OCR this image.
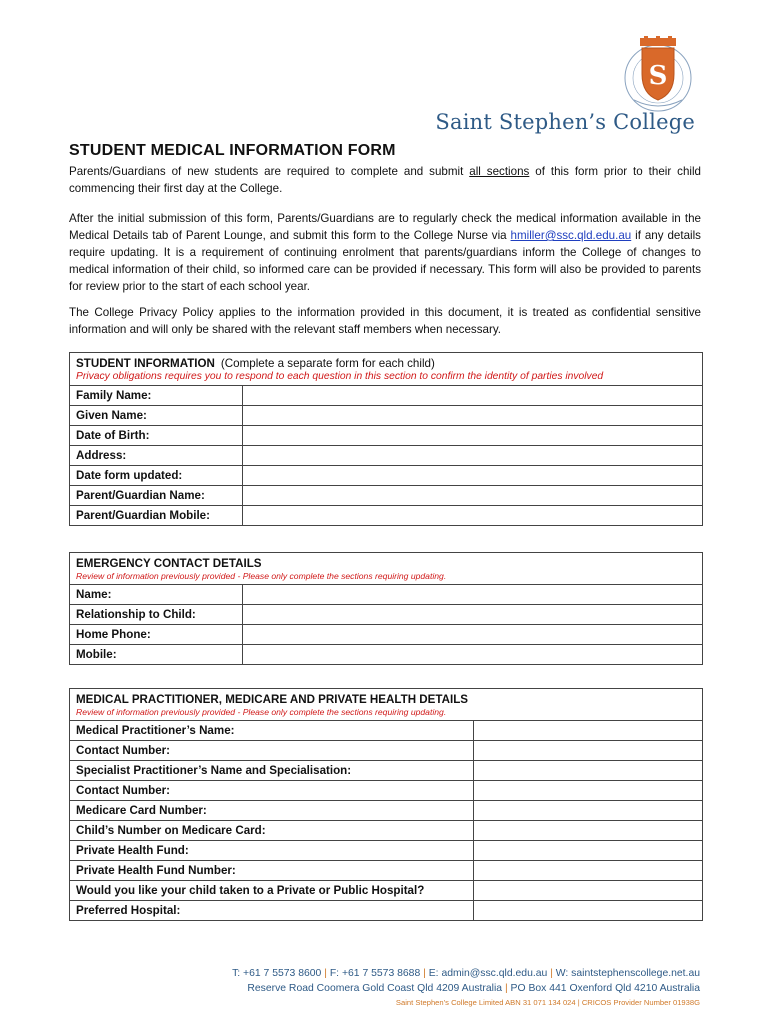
S
Saint Stephen’s College
STUDENT MEDICAL INFORMATION FORM
Parents/Guardians of new students are required to complete and submit all sections of this form prior to their child commencing their first day at the College.
After the initial submission of this form, Parents/Guardians are to regularly check the medical information available in the Medical Details tab of Parent Lounge, and submit this form to the College Nurse via hmiller@ssc.qld.edu.au if any details require updating. It is a requirement of continuing enrolment that parents/guardians inform the College of changes to medical information of their child, so informed care can be provided if necessary. This form will also be provided to parents for review prior to the start of each school year.
The College Privacy Policy applies to the information provided in this document, it is treated as confidential sensitive information and will only be shared with the relevant staff members when necessary.
STUDENT INFORMATION (Complete a separate form for each child)
Privacy obligations requires you to respond to each question in this section to confirm the identity of parties involved
Family Name:
Given Name:
Date of Birth:
Address:
Date form updated:
Parent/Guardian Name:
Parent/Guardian Mobile:
EMERGENCY CONTACT DETAILS
Review of information previously provided - Please only complete the sections requiring updating.
Name:
Relationship to Child:
Home Phone:
Mobile:
MEDICAL PRACTITIONER, MEDICARE AND PRIVATE HEALTH DETAILS
Review of information previously provided - Please only complete the sections requiring updating.
Medical Practitioner’s Name:
Contact Number:
Specialist Practitioner’s Name and Specialisation:
Contact Number:
Medicare Card Number:
Child’s Number on Medicare Card:
Private Health Fund:
Private Health Fund Number:
Would you like your child taken to a Private or Public Hospital?
Preferred Hospital:
T: +61 7 5573 8600 | F: +61 7 5573 8688 | E: admin@ssc.qld.edu.au | W: saintstephenscollege.net.au
Reserve Road Coomera Gold Coast Qld 4209 Australia | PO Box 441 Oxenford Qld 4210 Australia
Saint Stephen’s College Limited ABN 31 071 134 024 | CRICOS Provider Number 01938G
